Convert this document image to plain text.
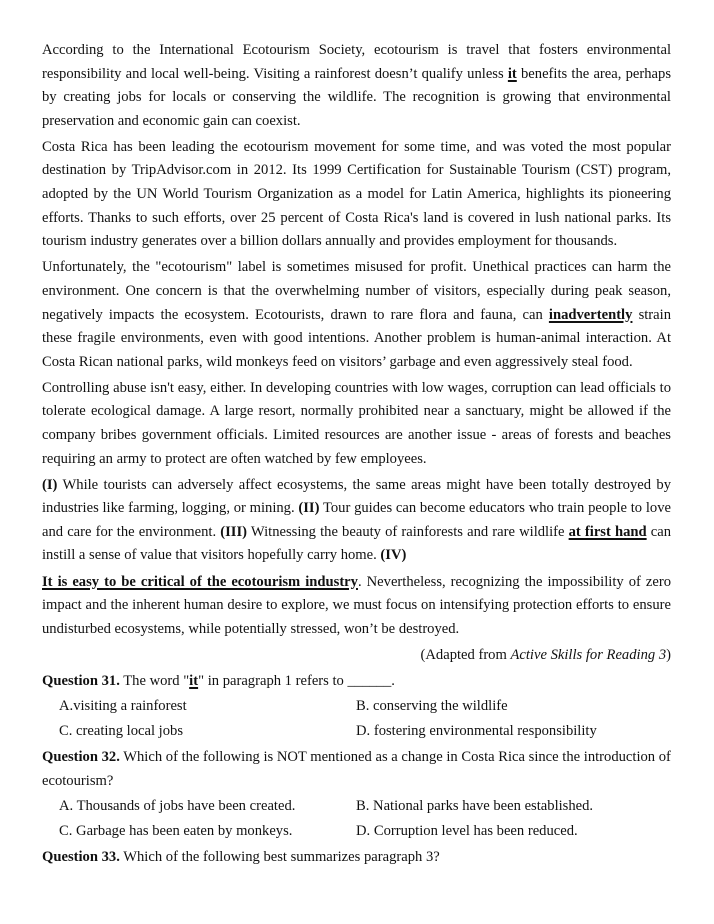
According to the International Ecotourism Society, ecotourism is travel that fosters environmental responsibility and local well-being. Visiting a rainforest doesn’t qualify unless it benefits the area, perhaps by creating jobs for locals or conserving the wildlife. The recognition is growing that environmental preservation and economic gain can coexist.

Costa Rica has been leading the ecotourism movement for some time, and was voted the most popular destination by TripAdvisor.com in 2012. Its 1999 Certification for Sustainable Tourism (CST) program, adopted by the UN World Tourism Organization as a model for Latin America, highlights its pioneering efforts. Thanks to such efforts, over 25 percent of Costa Rica's land is covered in lush national parks. Its tourism industry generates over a billion dollars annually and provides employment for thousands.

Unfortunately, the "ecotourism" label is sometimes misused for profit. Unethical practices can harm the environment. One concern is that the overwhelming number of visitors, especially during peak season, negatively impacts the ecosystem. Ecotourists, drawn to rare flora and fauna, can inadvertently strain these fragile environments, even with good intentions. Another problem is human-animal interaction. At Costa Rican national parks, wild monkeys feed on visitors’ garbage and even aggressively steal food.

Controlling abuse isn't easy, either. In developing countries with low wages, corruption can lead officials to tolerate ecological damage. A large resort, normally prohibited near a sanctuary, might be allowed if the company bribes government officials. Limited resources are another issue - areas of forests and beaches requiring an army to protect are often watched by few employees.

(I) While tourists can adversely affect ecosystems, the same areas might have been totally destroyed by industries like farming, logging, or mining. (II) Tour guides can become educators who train people to love and care for the environment. (III) Witnessing the beauty of rainforests and rare wildlife at first hand can instill a sense of value that visitors hopefully carry home. (IV)

It is easy to be critical of the ecotourism industry. Nevertheless, recognizing the impossibility of zero impact and the inherent human desire to explore, we must focus on intensifying protection efforts to ensure undisturbed ecosystems, while potentially stressed, won’t be destroyed.

(Adapted from Active Skills for Reading 3)

Question 31. The word "it" in paragraph 1 refers to ______.

A.visiting a rainforest	B. conserving the wildlife
C. creating local jobs	D. fostering environmental responsibility

Question 32. Which of the following is NOT mentioned as a change in Costa Rica since the introduction of ecotourism?

A. Thousands of jobs have been created.	B. National parks have been established.
C. Garbage has been eaten by monkeys.	D. Corruption level has been reduced.

Question 33. Which of the following best summarizes paragraph 3?
